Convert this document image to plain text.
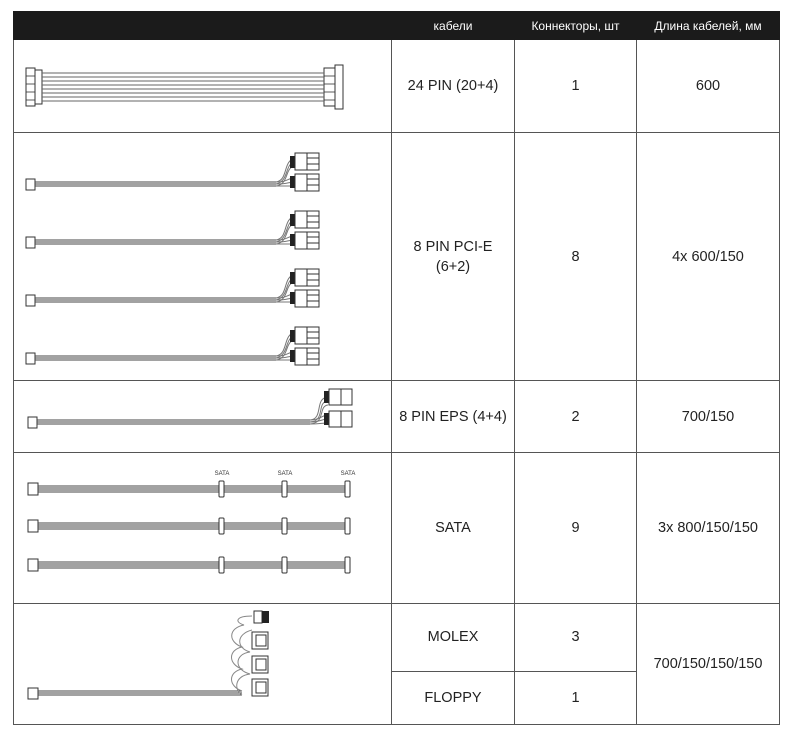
	кабели	Коннекторы, шт	Длина кабелей, мм

	24 PIN (20+4)	1	600

8 PIN PCI-E
(6+2)	8	4x 600/150

	8 PIN EPS (4+4)	2	700/150

SATA SATA SATA	SATA	9	3x 800/150/150

	MOLEX	3	700/150/150/150
	FLOPPY	1	
